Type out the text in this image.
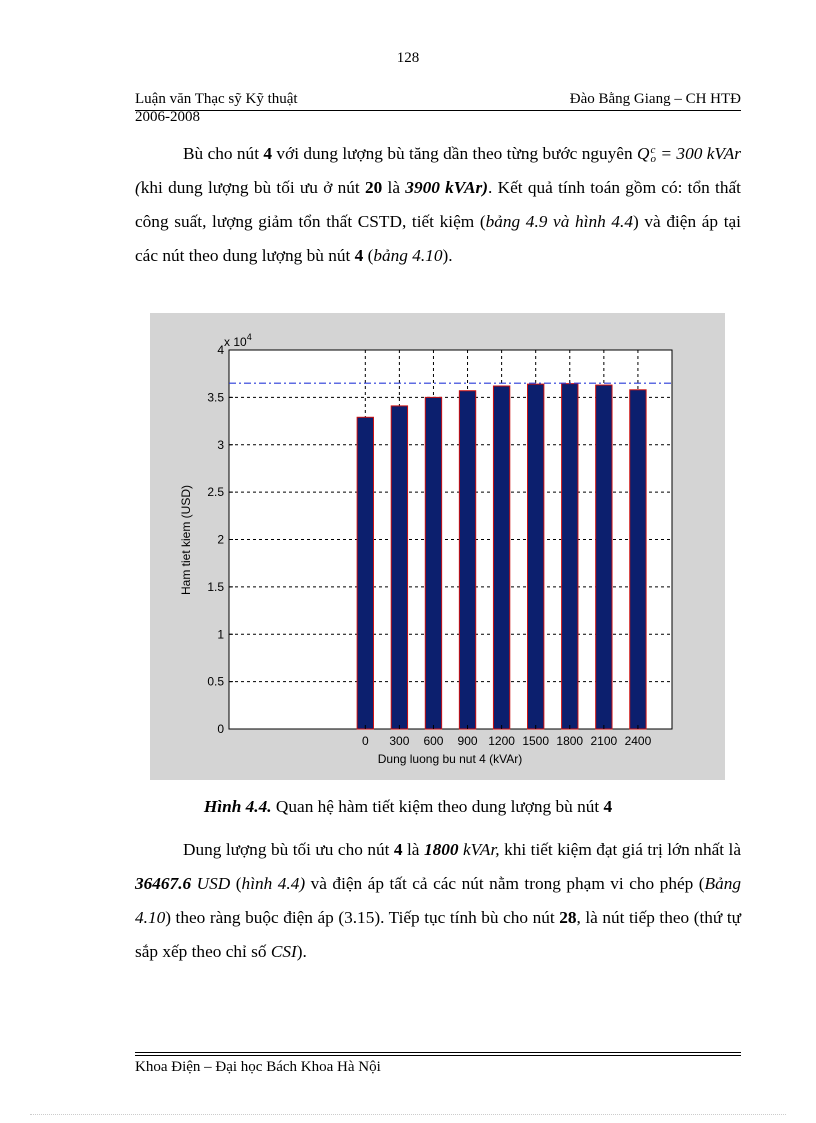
128
Luận văn Thạc sỹ Kỹ thuật	Đào Bằng Giang – CH HTĐ
2006-2008
Bù cho nút 4 với dung lượng bù tăng dần theo từng bước nguyên Q c
o = 300 kVAr (khi dung lượng bù tối ưu ở nút 20 là 3900 kVAr). Kết quả tính toán gồm có: tổn thất công suất, lượng giảm tổn thất CSTD, tiết kiệm (bảng 4.9 và hình 4.4) và điện áp tại các nút theo dung lượng bù nút 4 (bảng 4.10).
0
0.5
1
1.5
2
2.5
3
3.5
4
0 300 600 900 1200 1500 1800 2100 2400
x $10^4$
Dung luong bu nut 4 (kVAr)
Ham tiet kiem (USD)
Hình 4.4. Quan hệ hàm tiết kiệm theo dung lượng bù nút 4
Dung lượng bù tối ưu cho nút 4 là 1800 kVAr, khi tiết kiệm đạt giá trị lớn nhất là 36467.6 USD (hình 4.4) và điện áp tất cả các nút nằm trong phạm vi cho phép (Bảng 4.10) theo ràng buộc điện áp (3.15). Tiếp tục tính bù cho nút 28, là nút tiếp theo (thứ tự sắp xếp theo chỉ số CSI).
Khoa Điện – Đại học Bách Khoa Hà Nội
